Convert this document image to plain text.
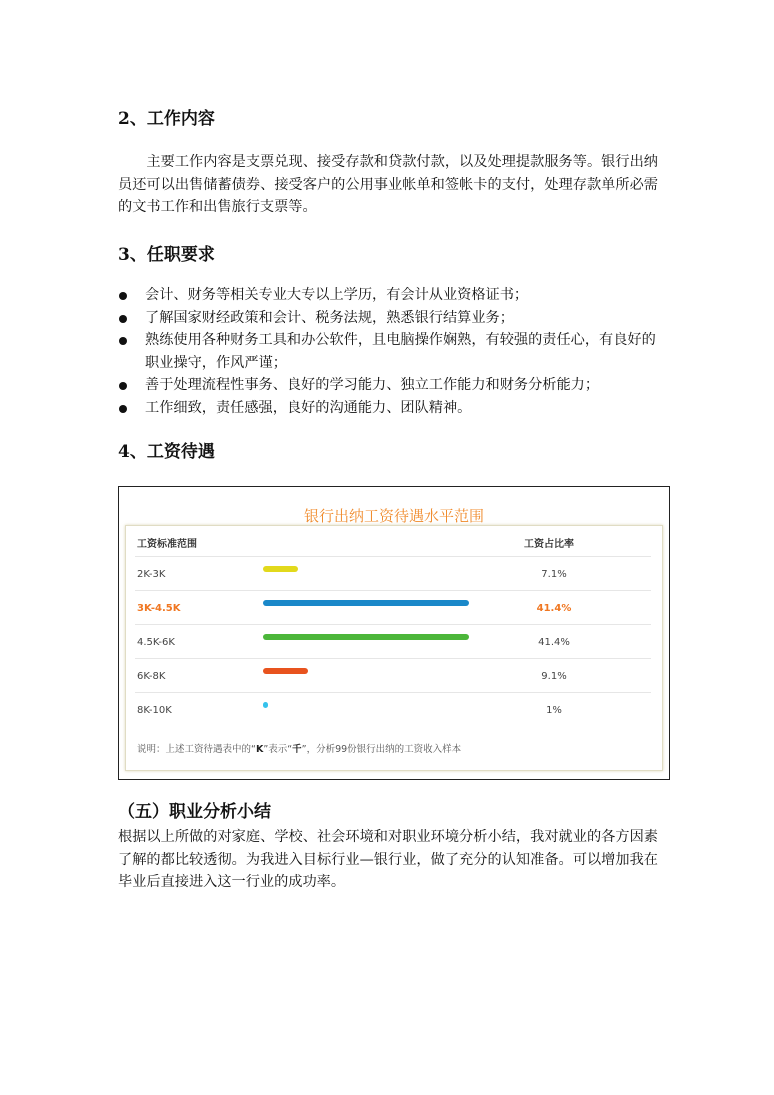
2、工作内容

主要工作内容是支票兑现、接受存款和贷款付款，以及处理提款服务等。银行出纳员还可以出售储蓄债券、接受客户的公用事业帐单和签帐卡的支付，处理存款单所必需的文书工作和出售旅行支票等。

3、任职要求
会计、财务等相关专业大专以上学历，有会计从业资格证书；
了解国家财经政策和会计、税务法规，熟悉银行结算业务；
熟练使用各种财务工具和办公软件，且电脑操作娴熟，有较强的责任心，有良好的职业操守，作风严谨；
善于处理流程性事务、良好的学习能力、独立工作能力和财务分析能力；
工作细致，责任感强，良好的沟通能力、团队精神。
4、工资待遇
银行出纳工资待遇水平范围
工资标准范围	工资占比率
2K-3K	7.1%
3K-4.5K	41.4%
4.5K-6K	41.4%
6K-8K	9.1%
8K-10K	1%
说明：上述工资待遇表中的“K”表示“千”，分析99份银行出纳的工资收入样本
（五）职业分析小结

根据以上所做的对家庭、学校、社会环境和对职业环境分析小结，我对就业的各方因素了解的都比较透彻。为我进入目标行业—银行业，做了充分的认知准备。可以增加我在毕业后直接进入这一行业的成功率。
